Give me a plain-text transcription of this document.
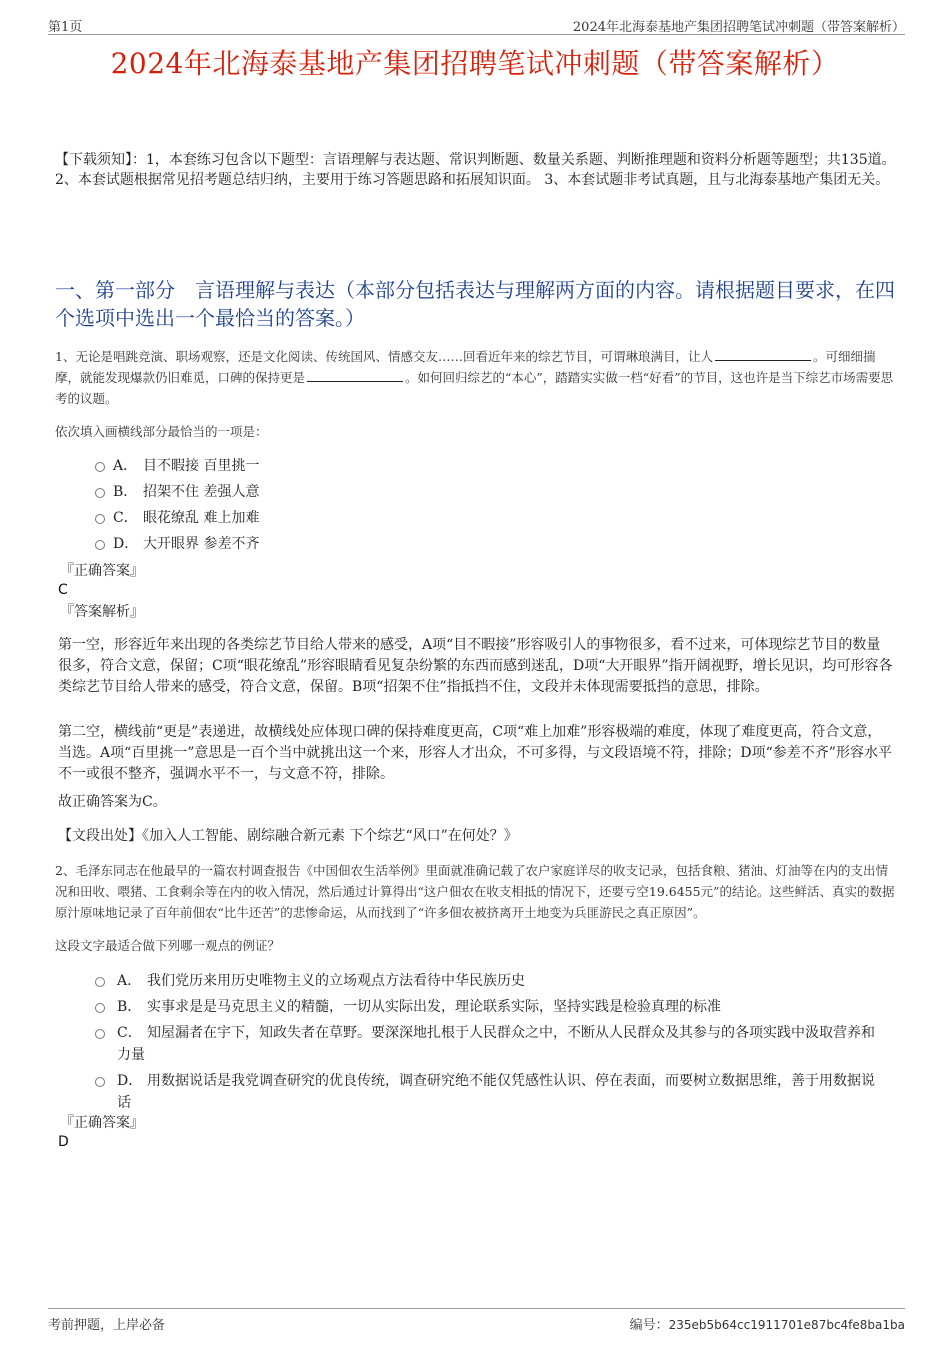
第1页	2024年北海泰基地产集团招聘笔试冲刺题（带答案解析）
2024年北海泰基地产集团招聘笔试冲刺题（带答案解析）
【下载须知】：1，本套练习包含以下题型：言语理解与表达题、常识判断题、数量关系题、判断推理题和资料分析题等题型；共135道。 2、本套试题根据常见招考题总结归纳，主要用于练习答题思路和拓展知识面。 3、本套试题非考试真题，且与北海泰基地产集团无关。
一、第一部分　言语理解与表达（本部分包括表达与理解两方面的内容。请根据题目要求，在四个选项中选出一个最恰当的答案。）
1、无论是唱跳竞演、职场观察，还是文化阅读、传统国风、情感交友……回看近年来的综艺节目，可谓琳琅满目，让人	。可细细揣摩，就能发现爆款仍旧难觅，口碑的保持更是	。如何回归综艺的“本心”，踏踏实实做一档“好看”的节目，这也许是当下综艺市场需要思考的议题。
依次填入画横线部分最恰当的一项是：
A． 目不暇接 百里挑一
B． 招架不住 差强人意
C． 眼花缭乱 难上加难
D． 大开眼界 参差不齐
『正确答案』
C
『答案解析』
第一空，形容近年来出现的各类综艺节目给人带来的感受，A项“目不暇接”形容吸引人的事物很多，看不过来，可体现综艺节目的数量很多，符合文意，保留；C项“眼花缭乱”形容眼睛看见复杂纷繁的东西而感到迷乱，D项“大开眼界”指开阔视野，增长见识，均可形容各类综艺节目给人带来的感受，符合文意，保留。B项“招架不住”指抵挡不住，文段并未体现需要抵挡的意思，排除。
第二空，横线前“更是”表递进，故横线处应体现口碑的保持难度更高，C项“难上加难”形容极端的难度，体现了难度更高，符合文意，当选。A项“百里挑一”意思是一百个当中就挑出这一个来，形容人才出众，不可多得，与文段语境不符，排除；D项“参差不齐”形容水平不一或很不整齐，强调水平不一，与文意不符，排除。
故正确答案为C。
【文段出处】《加入人工智能、剧综融合新元素 下个综艺“风口”在何处？》
2、毛泽东同志在他最早的一篇农村调查报告《中国佃农生活举例》里面就准确记载了农户家庭详尽的收支记录，包括食粮、猪油、灯油等在内的支出情况和田收、喂猪、工食剩余等在内的收入情况，然后通过计算得出“这户佃农在收支相抵的情况下，还要亏空19.6455元”的结论。这些鲜活、真实的数据原汁原味地记录了百年前佃农“比牛还苦”的悲惨命运，从而找到了“许多佃农被挤离开土地变为兵匪游民之真正原因”。
这段文字最适合做下列哪一观点的例证？
A． 我们党历来用历史唯物主义的立场观点方法看待中华民族历史
B． 实事求是是马克思主义的精髓，一切从实际出发，理论联系实际，坚持实践是检验真理的标准
C． 知屋漏者在宇下，知政失者在草野。要深深地扎根于人民群众之中，不断从人民群众及其参与的各项实践中汲取营养和力量
D． 用数据说话是我党调查研究的优良传统，调查研究绝不能仅凭感性认识、停在表面，而要树立数据思维，善于用数据说话
『正确答案』
D
考前押题，上岸必备	编号：235eb5b64cc1911701e87bc4fe8ba1ba
